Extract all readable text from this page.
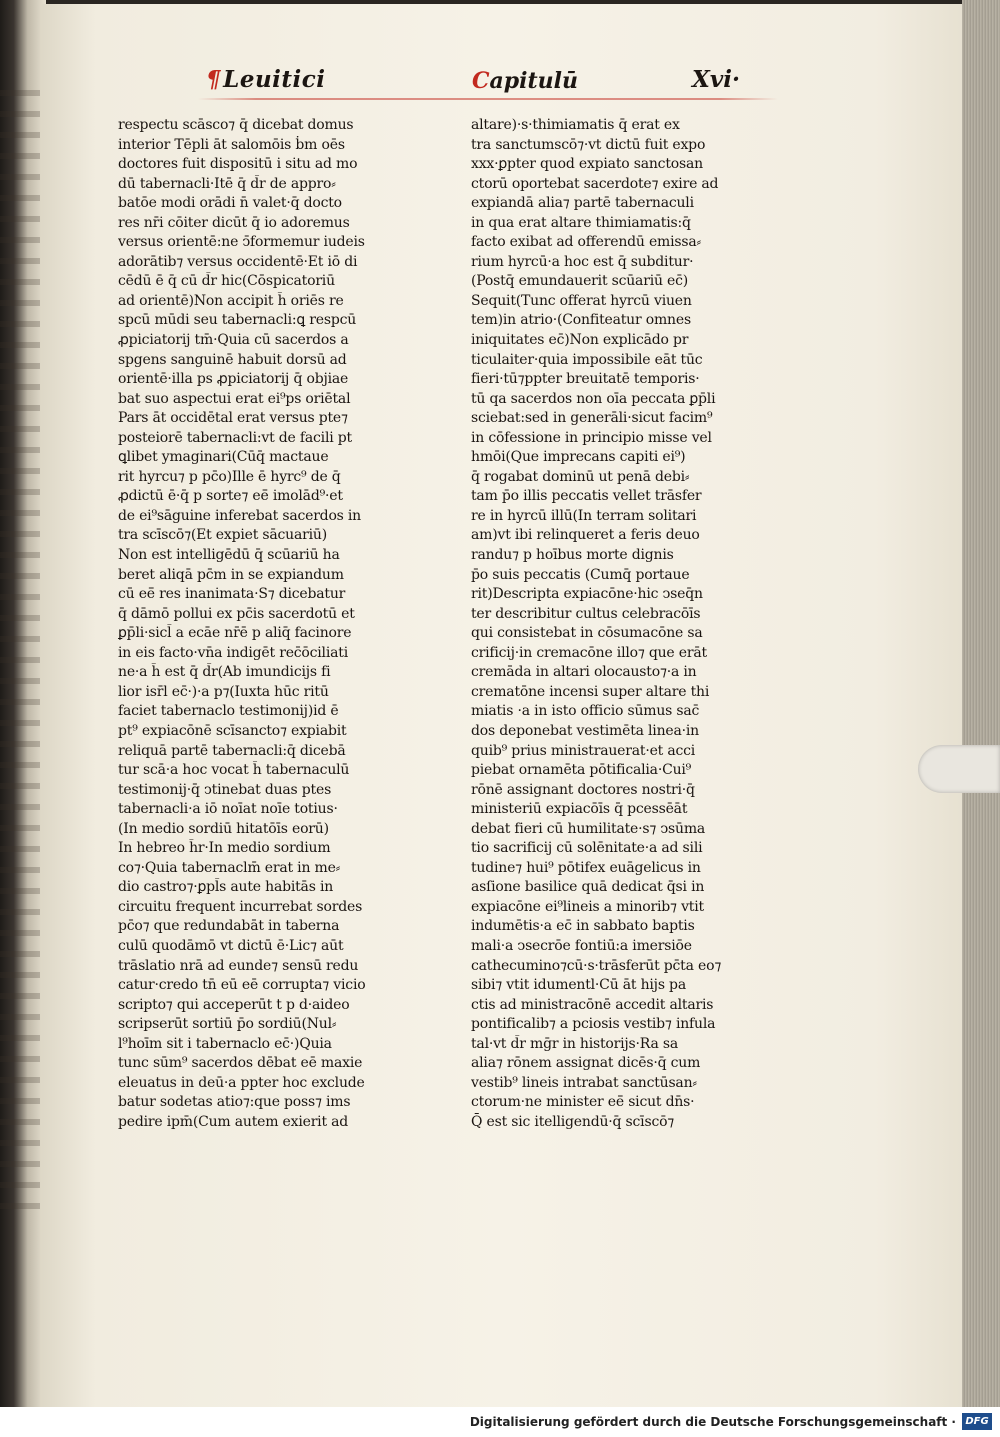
¶Leuitici	Capitulū	Xvi·
respectu scāsco⁊ q̄ dicebat domus
interior Tēpli āt salomōis ḃm oēs
doctores fuit dispositū i situ ad mo
dū tabernacli·Itē q̄ d̄r de appro⸗
batōe modi orādi n̄ valet·q̄ docto
res nr̄i cōiter dicūt q̄ io adoremus
versus orientē:ne ↄ̄formemur iudeis
adorātib⁊ versus occidentē·Et iō di
cēdū ē q̄ cū d̄r hic(Cōspicatoriū
ad orientē)Non accipit h̄ oriēs re
spcū mūdi seu tabernacli:ꝗ respcū
ꝓpiciatorij tm̄·Quia cū sacerdos a
spgens sanguinē habuit dorsū ad
orientē·illa ps ꝓpiciatorij q̄ objiae
bat suo aspectui erat ei⁹ps oriētal
Pars āt occidētal erat versus pte⁊
posteiorē tabernacli:vt de facili pt
ꝗlibet ymaginari(Cūq̄ mactaue
rit hyrcu⁊ p pc̄o)Ille ē hyrc⁹ de q̄
ꝓdictū ē·q̄ p sorte⁊ eē̄ imolād⁹·et
de ei⁹sāguine inferebat sacerdos in
tra scīscō⁊(Et expiet sācuariū)
Non est intelligēdū q̄ scūariū ha
beret aliqā pc̄m in se expiandum
cū eē̄ res inanimata·S⁊ dicebatur
q̄ dāmō pollui ex pc̄is sacerdotū et
ꝑp̄li·sicl̄ a ecāe nr̄ē p aliq̄ facinore
in eis facto·vn̄a indigēt rec̄ōciliati
ne·a h̄ est q̄ d̄r(Ab imundicijs fi
lior isr̄l ec̄·)·a p⁊(Iuxta hūc ritū
faciet tabernaclo testimonij)id ē
pt⁹ expiacōnē scīsancto⁊ expiabit
reliquā partē tabernacli:q̄ dicebā
tur scā·a hoc vocat h̄ tabernaculū
testimonij·q̄ ↄtinebat duas ptes
tabernacli·a iō noīat noīe totius·
(In medio sordiū hitatōīs eorū)
In hebreo h̄r·In medio sordium
co⁊·Quia tabernaclm̄ erat in me⸗
dio castro⁊·ꝑpl̄s aute habitās in
circuitu frequent incurrebat sordes
pc̄o⁊ que redundabāt in taberna
culū quodāmō vt dictū ē·Lic⁊ aūt
trāslatio nrā ad eunde⁊ sensū redu
catur·credo tn̄ eū eē corrupta⁊ vicio
scripto⁊ qui acceperūt t p d·aideo
scripserūt sortiū p̄o sordiū(Nul⸗
l⁹hoīm sit i tabernaclo ec̄·)Quia
tunc sūm⁹ sacerdos dēbat eē maxie
eleuatus in deū·a ppter hoc exclude
batur sodetas atio⁊:que poss⁊ ims
pedire ipm̄(Cum autem exierit ad
altare)·s·thimiamatis q̄ erat ex
tra sanctumscō⁊·vt dictū fuit expo
xxx·ꝑpter quod expiato sanctosan
ctorū oportebat sacerdote⁊ exire ad
expiandā alia⁊ partē tabernaculi
in qua erat altare thimiamatis:q̄
facto exibat ad offerendū emissa⸗
rium hyrcū·a hoc est q̄ subditur·
(Postq̄ emundauerit scūariū ec̄)
Sequit(Tunc offerat hyrcū viuen
tem)in atrio·(Confiteatur omnes
iniquitates ec̄)Non explicādo pr
ticulaiter·quia impossibile eāt tūc
fieri·tū⁊ppter breuitatē temporis·
tū qa sacerdos non oīa peccata ꝑp̄li
sciebat:sed in generāli·sicut facim⁹
in cōfessione in principio misse vel
hmōi(Que imprecans capiti ei⁹)
q̄ rogabat dominū ut penā debi⸗
tam p̄o illis peccatis vellet trāsfer
re in hyrcū illū(In terram solitari
am)vt ibi relinqueret a feris deuo
randu⁊ p hoībus morte dignis
p̄o suis peccatis (Cumq̄ portaue
rit)Descripta expiacōne·hic ↄseq̄n
ter describitur cultus celebracōīs
qui consistebat in cōsumacōne sa
crificij·in cremacōne illo⁊ que erāt
cremāda in altari olocausto⁊·a in
crematōne incensi super altare thi
miatis ·a in isto officio sūmus sac̄
dos deponebat vestimēta linea·in
quib⁹ prius ministrauerat·et acci
piebat ornamēta pōtificalia·Cui⁹
rōnē assignant doctores nostri·q̄
ministeriū expiacōīs q̄ pcessēāt
debat fieri cū humilitate·s⁊ ↄsūma
tio sacrificij cū solēnitate·a ad sili
tudine⁊ hui⁹ pōtifex euāgelicus in
asſione basilice quā dedicat q̄si in
expiacōne ei⁹lineis a minorib⁊ vtit
indumētis·a ec̄ in sabbato baptis
mali·a ↄsecrōe fontiū:a imersiōe
cathecumino⁊cū·s·trāsferūt pc̄ta eo⁊
sibi⁊ vtit idumentl·Cū āt hijs pa
ctis ad ministracōnē accedit altaris
pontificalib⁊ a pciosis vestib⁊ infula
tal·vt d̄r mḡr in historijs·Ra sa
alia⁊ rōnem assignat dicēs·q̄ cum
vestib⁹ lineis intrabat sanctūsan⸗
ctorum·ne minister eē̄ sicut dn̄s·
Q̄ est sic itelligendū·q̄ scīscō⁊
Digitalisierung gefördert durch die Deutsche Forschungsgemeinschaft · DFG
